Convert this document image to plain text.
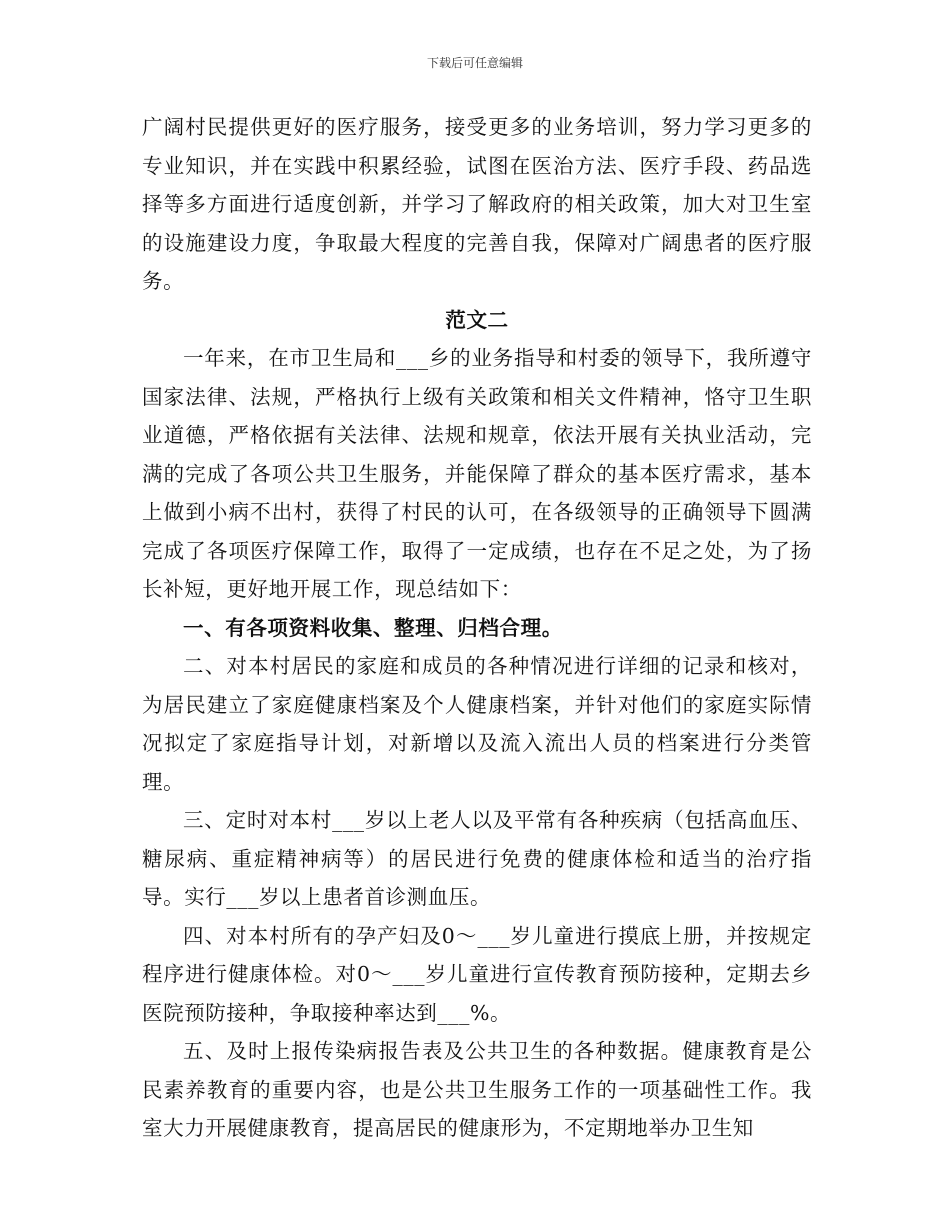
下载后可任意编辑

广阔村民提供更好的医疗服务，接受更多的业务培训，努力学习更多的专业知识，并在实践中积累经验，试图在医治方法、医疗手段、药品选择等多方面进行适度创新，并学习了解政府的相关政策，加大对卫生室的设施建设力度，争取最大程度的完善自我，保障对广阔患者的医疗服务。

范文二

一年来，在市卫生局和___乡的业务指导和村委的领导下，我所遵守国家法律、法规，严格执行上级有关政策和相关文件精神，恪守卫生职业道德，严格依据有关法律、法规和规章，依法开展有关执业活动，完满的完成了各项公共卫生服务，并能保障了群众的基本医疗需求，基本上做到小病不出村，获得了村民的认可，在各级领导的正确领导下圆满完成了各项医疗保障工作，取得了一定成绩，也存在不足之处，为了扬长补短，更好地开展工作，现总结如下：

一、有各项资料收集、整理、归档合理。

二、对本村居民的家庭和成员的各种情况进行详细的记录和核对，为居民建立了家庭健康档案及个人健康档案，并针对他们的家庭实际情况拟定了家庭指导计划，对新增以及流入流出人员的档案进行分类管理。

三、定时对本村___岁以上老人以及平常有各种疾病（包括高血压、糖尿病、重症精神病等）的居民进行免费的健康体检和适当的治疗指导。实行___岁以上患者首诊测血压。

四、对本村所有的孕产妇及0～___岁儿童进行摸底上册，并按规定程序进行健康体检。对0～___岁儿童进行宣传教育预防接种，定期去乡医院预防接种，争取接种率达到___%。

五、及时上报传染病报告表及公共卫生的各种数据。健康教育是公民素养教育的重要内容，也是公共卫生服务工作的一项基础性工作。我室大力开展健康教育，提高居民的健康形为，不定期地举办卫生知
